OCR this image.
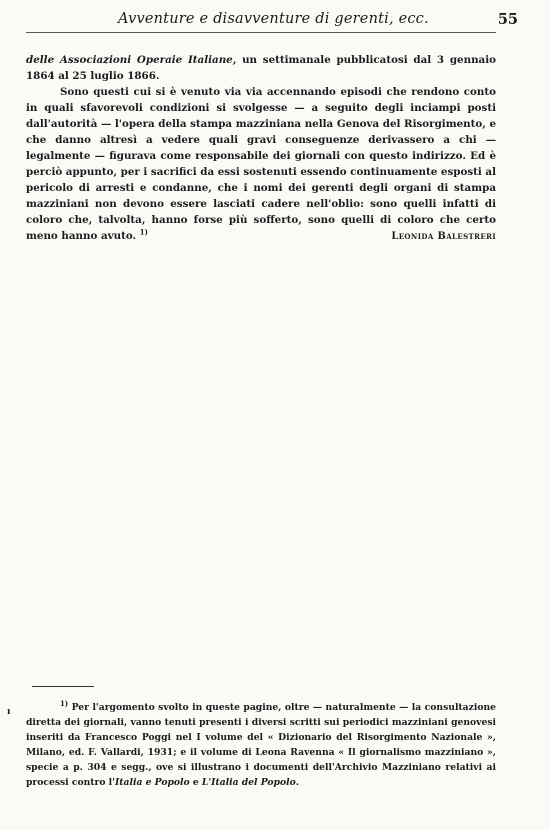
Avventure e disavventure di gerenti, ecc.	55

delle Associazioni Operaie Italiane, un settimanale pubblicatosi dal 3 gennaio 1864 al 25 luglio 1866.

Sono questi cui si è venuto via via accennando episodi che rendono conto in quali sfavorevoli condizioni si svolgesse — a seguito degli inciampi posti dall'autorità — l'opera della stampa mazziniana nella Genova del Risorgimento, e che danno altresì a vedere quali gravi conseguenze derivassero a chi — legalmente — figurava come responsabile dei giornali con questo indirizzo. Ed è perciò appunto, per i sacrifici da essi sostenuti essendo continuamente esposti al pericolo di arresti e condanne, che i nomi dei gerenti degli organi di stampa mazziniani non devono essere lasciati cadere nell'oblio: sono quelli infatti di coloro che, talvolta, hanno forse più sofferto, sono quelli di coloro che certo meno hanno avuto. $^{1)}$	Leonida Balestreri
ı

$^{1)}$ Per l'argomento svolto in queste pagine, oltre — naturalmente — la consultazione diretta dei giornali, vanno tenuti presenti i diversi scritti sui periodici mazziniani genovesi inseriti da Francesco Poggi nel I volume del « Dizionario del Risorgimento Nazionale », Milano, ed. F. Vallardi, 1931; e il volume di Leona Ravenna « Il giornalismo mazziniano », specie a p. 304 e segg., ove si illustrano i documenti dell'Archivio Mazziniano relativi ai processi contro l'Italia e Popolo e L'Italia del Popolo.
